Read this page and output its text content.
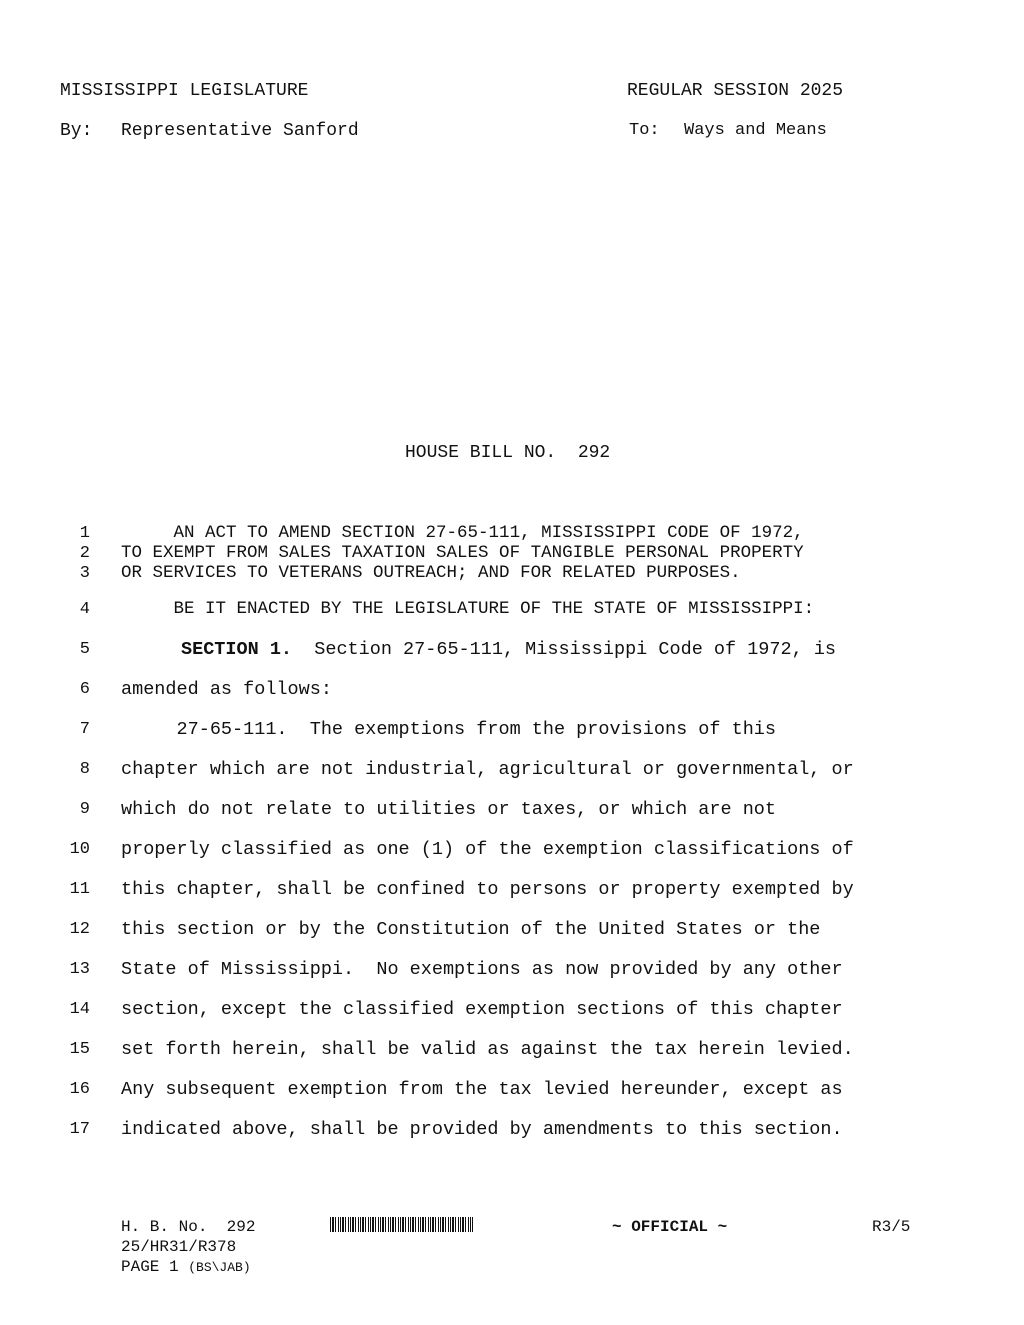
MISSISSIPPI LEGISLATURE	REGULAR SESSION 2025
By: Representative Sanford	To: Ways and Means
HOUSE BILL NO.  292
1 AN ACT TO AMEND SECTION 27-65-111, MISSISSIPPI CODE OF 1972,
2 TO EXEMPT FROM SALES TAXATION SALES OF TANGIBLE PERSONAL PROPERTY
3 OR SERVICES TO VETERANS OUTREACH; AND FOR RELATED PURPOSES.
4 BE IT ENACTED BY THE LEGISLATURE OF THE STATE OF MISSISSIPPI:
5	SECTION 1.  Section 27-65-111, Mississippi Code of 1972, is
6 amended as follows:
7 27-65-111.  The exemptions from the provisions of this
8 chapter which are not industrial, agricultural or governmental, or
9 which do not relate to utilities or taxes, or which are not
10 properly classified as one (1) of the exemption classifications of
11 this chapter, shall be confined to persons or property exempted by
12 this section or by the Constitution of the United States or the
13 State of Mississippi.  No exemptions as now provided by any other
14 section, except the classified exemption sections of this chapter
15 set forth herein, shall be valid as against the tax herein levied.
16 Any subsequent exemption from the tax levied hereunder, except as
17 indicated above, shall be provided by amendments to this section.
H. B. No.  292	~ OFFICIAL ~	R3/5
25/HR31/R378
PAGE 1 (BS\JAB)
